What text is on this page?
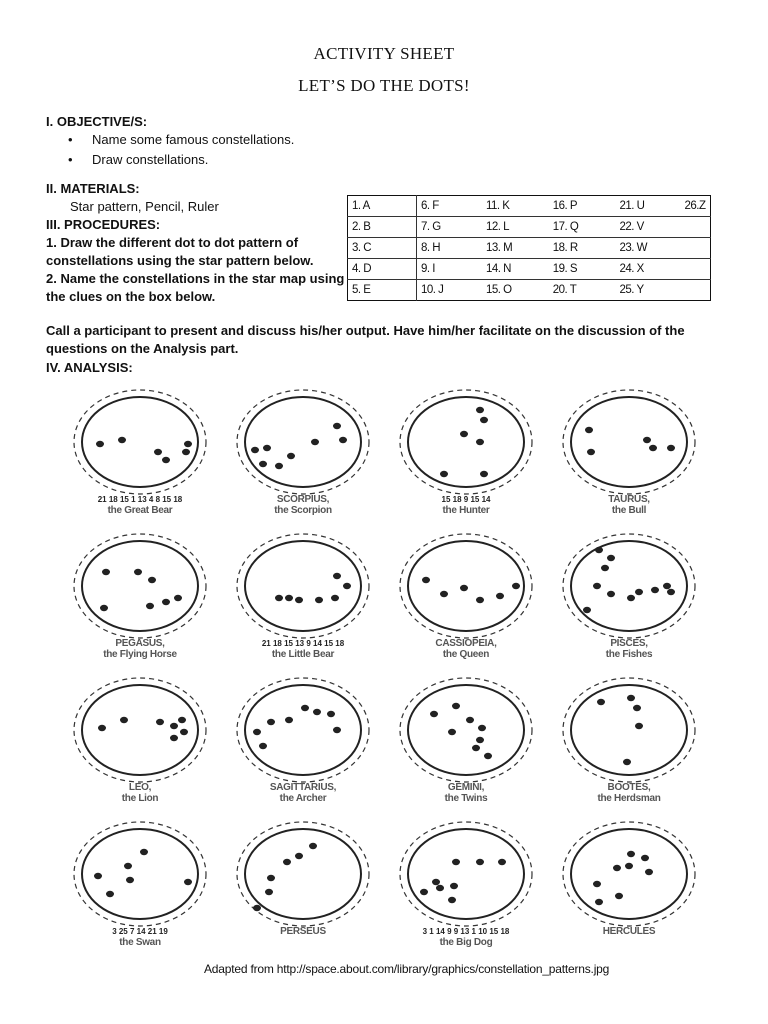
ACTIVITY SHEET
LET’S DO THE DOTS!
I. OBJECTIVE/S:
• Name some famous constellations.
• Draw constellations.
II. MATERIALS:
Star pattern, Pencil, Ruler
III. PROCEDURES:
1. Draw the different dot to dot pattern of constellations using the star pattern below.
2. Name the constellations in the star map using the clues on the box below.
1. A	6. F	11. K	16. P	21. U	26.Z
2. B	7. G	12. L	17. Q	22. V	
3. C	8. H	13. M	18. R	23. W	
4. D	9. I	14. N	19. S	24. X	
5. E	10. J	15. O	20. T	25. Y	
Call a participant to present and discuss his/her output. Have him/her facilitate on the discussion of the questions on the Analysis part.
IV. ANALYSIS:
21 18 15 1 13 4 8 15 18
the Great Bear
SCORPIUS,
the Scorpion
15 18 9 15 14
the Hunter
TAURUS,
the Bull
PEGASUS,
the Flying Horse
21 18 15 13 9 14 15 18
the Little Bear
CASSIOPEIA,
the Queen
PISCES,
the Fishes
LEO,
the Lion
SAGITTARIUS,
the Archer
GEMINI,
the Twins
BOOTES,
the Herdsman
3 25 7 14 21 19
the Swan
PERSEUS	3 1 14 9 9 13 1 10 15 18
the Big Dog
HERCULES
Adapted from http://space.about.com/library/graphics/constellation_patterns.jpg
